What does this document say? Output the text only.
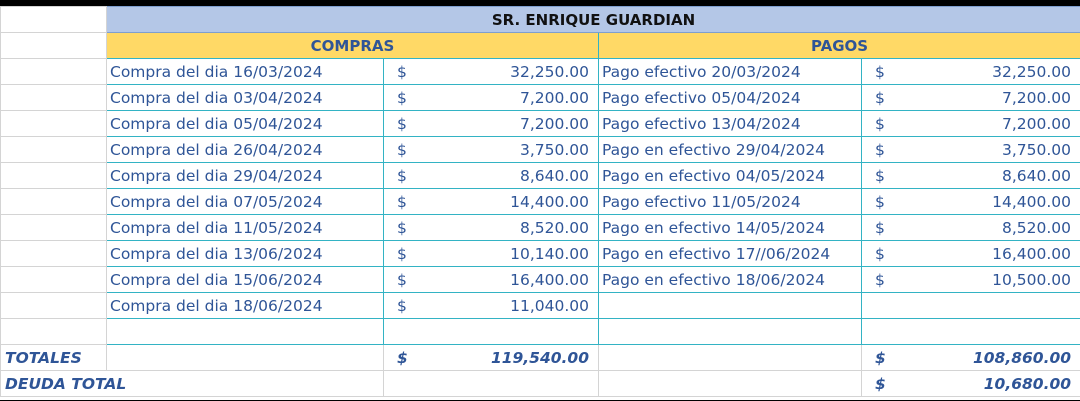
	SR. ENRIQUE GUARDIAN			
	COMPRAS		PAGOS	
	Compra del dia 16/03/2024	$ 32,250.00	Pago efectivo 20/03/2024	$ 32,250.00

	Compra del dia 03/04/2024	$ 7,200.00	Pago efectivo 05/04/2024	$ 7,200.00

	Compra del dia 05/04/2024	$ 7,200.00	Pago efectivo 13/04/2024	$ 7,200.00

	Compra del dia 26/04/2024	$ 3,750.00	Pago en efectivo 29/04/2024	$ 3,750.00

	Compra del dia 29/04/2024	$ 8,640.00	Pago en efectivo 04/05/2024	$ 8,640.00

	Compra del dia 07/05/2024	$ 14,400.00	Pago efectivo 11/05/2024	$ 14,400.00

	Compra del dia 11/05/2024	$ 8,520.00	Pago en efectivo 14/05/2024	$ 8,520.00

	Compra del dia 13/06/2024	$ 10,140.00	Pago en efectivo 17//06/2024	$ 16,400.00

	Compra del dia 15/06/2024	$ 16,400.00	Pago en efectivo 18/06/2024	$ 10,500.00

	Compra del dia 18/06/2024	$ 11,040.00		

TOTALES		$ 119,540.00		$ 108,860.00

DEUDA TOTAL				$ 10,680.00
